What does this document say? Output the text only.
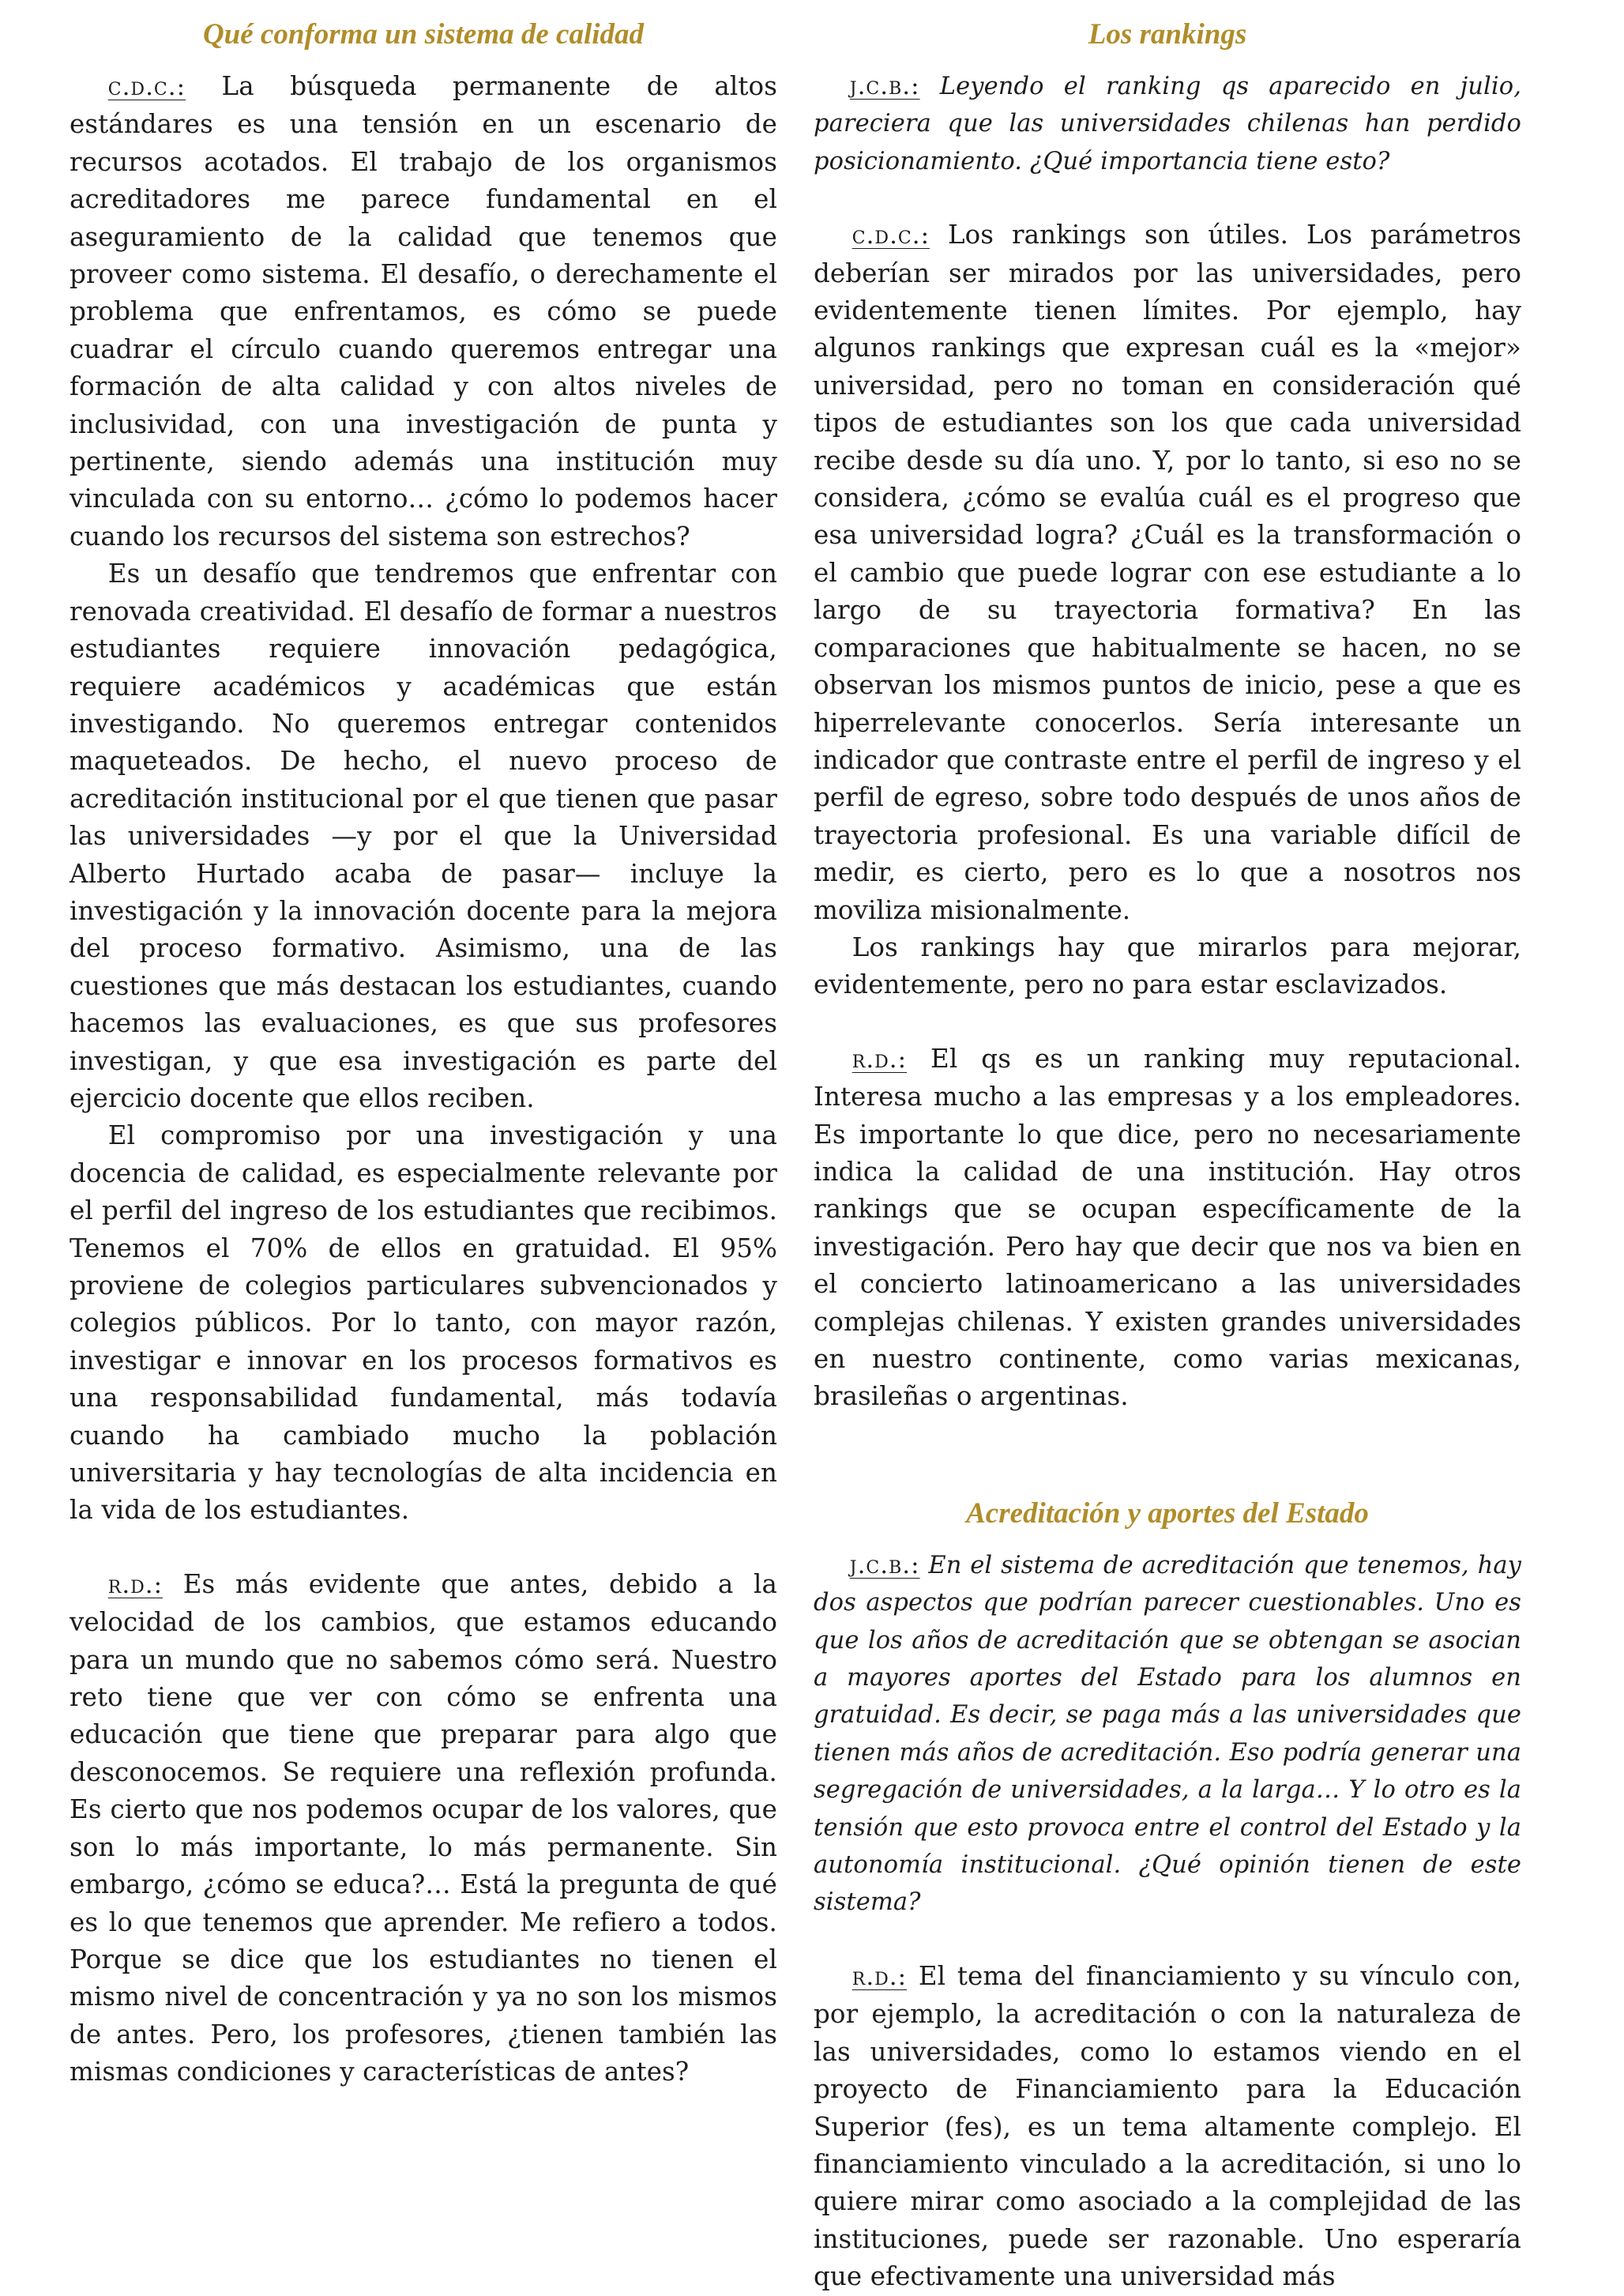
Qué conforma un sistema de calidad

c.d.c.: La búsqueda permanente de altos estándares es una tensión en un escenario de recursos acotados. El trabajo de los organismos acreditadores me parece fundamental en el aseguramiento de la calidad que tenemos que proveer como sistema. El desafío, o derechamente el problema que enfrentamos, es cómo se puede cuadrar el círculo cuando queremos entregar una formación de alta calidad y con altos niveles de inclusividad, con una investigación de punta y pertinente, siendo además una institución muy vinculada con su entorno… ¿cómo lo podemos hacer cuando los recursos del sistema son estrechos?

Es un desafío que tendremos que enfrentar con renovada creatividad. El desafío de formar a nuestros estudiantes requiere innovación pedagógica, requiere académicos y académicas que están investigando. No queremos entregar contenidos maqueteados. De hecho, el nuevo proceso de acreditación institucional por el que tienen que pasar las universidades —y por el que la Universidad Alberto Hurtado acaba de pasar— incluye la investigación y la innovación docente para la mejora del proceso formativo. Asimismo, una de las cuestiones que más destacan los estudiantes, cuando hacemos las evaluaciones, es que sus profesores investigan, y que esa investigación es parte del ejercicio docente que ellos reciben.

El compromiso por una investigación y una docencia de calidad, es especialmente relevante por el perfil del ingreso de los estudiantes que recibimos. Tenemos el 70% de ellos en gratuidad. El 95% proviene de colegios particulares subvencionados y colegios públicos. Por lo tanto, con mayor razón, investigar e innovar en los procesos formativos es una responsabilidad fundamental, más todavía cuando ha cambiado mucho la población universitaria y hay tecnologías de alta incidencia en la vida de los estudiantes.

r.d.: Es más evidente que antes, debido a la velocidad de los cambios, que estamos educando para un mundo que no sabemos cómo será. Nuestro reto tiene que ver con cómo se enfrenta una educación que tiene que preparar para algo que desconocemos. Se requiere una reflexión profunda. Es cierto que nos podemos ocupar de los valores, que son lo más importante, lo más permanente. Sin embargo, ¿cómo se educa?… Está la pregunta de qué es lo que tenemos que aprender. Me refiero a todos. Porque se dice que los estudiantes no tienen el mismo nivel de concentración y ya no son los mismos de antes. Pero, los profesores, ¿tienen también las mismas condiciones y características de antes?

Los rankings

j.c.b.: Leyendo el ranking qs aparecido en julio, pareciera que las universidades chilenas han perdido posicionamiento. ¿Qué importancia tiene esto?

c.d.c.: Los rankings son útiles. Los parámetros deberían ser mirados por las universidades, pero evidentemente tienen límites. Por ejemplo, hay algunos rankings que expresan cuál es la «mejor» universidad, pero no toman en consideración qué tipos de estudiantes son los que cada universidad recibe desde su día uno. Y, por lo tanto, si eso no se considera, ¿cómo se evalúa cuál es el progreso que esa universidad logra? ¿Cuál es la transformación o el cambio que puede lograr con ese estudiante a lo largo de su trayectoria formativa? En las comparaciones que habitualmente se hacen, no se observan los mismos puntos de inicio, pese a que es hiperrelevante conocerlos. Sería interesante un indicador que contraste entre el perfil de ingreso y el perfil de egreso, sobre todo después de unos años de trayectoria profesional. Es una variable difícil de medir, es cierto, pero es lo que a nosotros nos moviliza misionalmente.

Los rankings hay que mirarlos para mejorar, evidentemente, pero no para estar esclavizados.

r.d.: El qs es un ranking muy reputacional. Interesa mucho a las empresas y a los empleadores. Es importante lo que dice, pero no necesariamente indica la calidad de una institución. Hay otros rankings que se ocupan específicamente de la investigación. Pero hay que decir que nos va bien en el concierto latinoamericano a las universidades complejas chilenas. Y existen grandes universidades en nuestro continente, como varias mexicanas, brasileñas o argentinas.

Acreditación y aportes del Estado

j.c.b.: En el sistema de acreditación que tenemos, hay dos aspectos que podrían parecer cuestionables. Uno es que los años de acreditación que se obtengan se asocian a mayores aportes del Estado para los alumnos en gratuidad. Es decir, se paga más a las universidades que tienen más años de acreditación. Eso podría generar una segregación de universidades, a la larga… Y lo otro es la tensión que esto provoca entre el control del Estado y la autonomía institucional. ¿Qué opinión tienen de este sistema?

r.d.: El tema del financiamiento y su vínculo con, por ejemplo, la acreditación o con la naturaleza de las universidades, como lo estamos viendo en el proyecto de Financiamiento para la Educación Superior (fes), es un tema altamente complejo. El financiamiento vinculado a la acreditación, si uno lo quiere mirar como asociado a la complejidad de las instituciones, puede ser razonable. Uno esperaría que efectivamente una universidad más
